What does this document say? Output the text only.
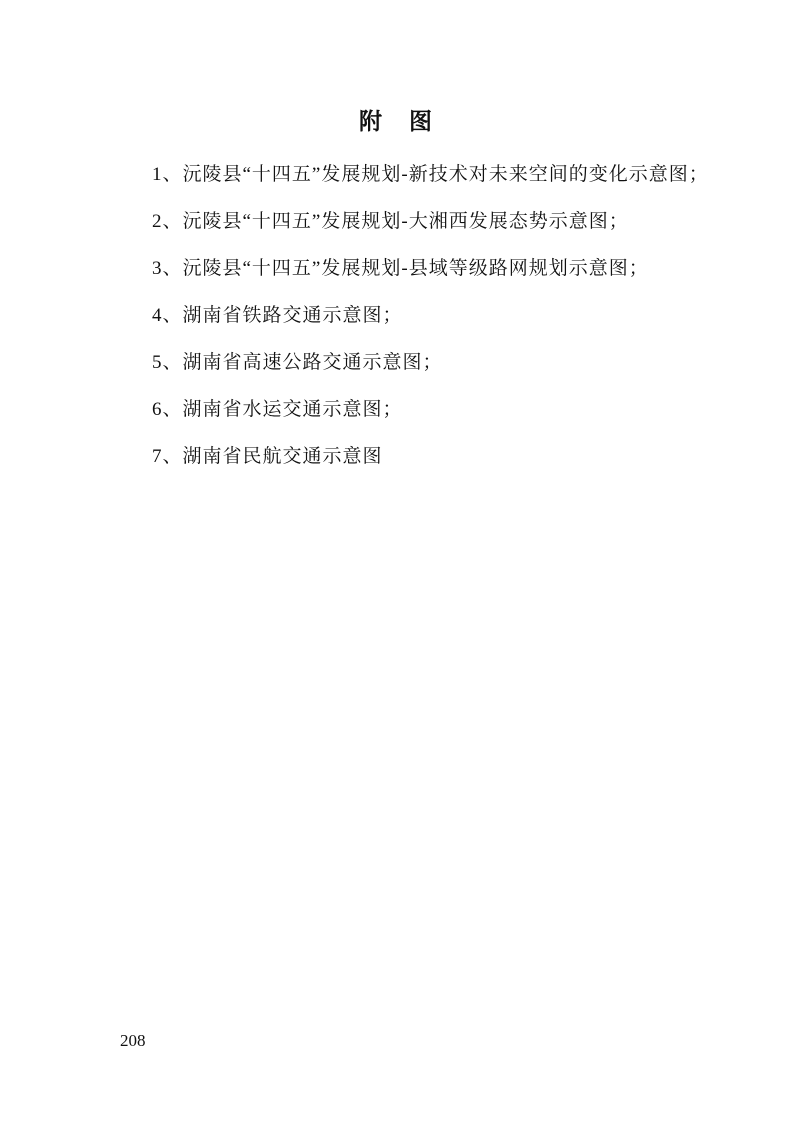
附　图
1、沅陵县“十四五”发展规划-新技术对未来空间的变化示意图；
2、沅陵县“十四五”发展规划-大湘西发展态势示意图；
3、沅陵县“十四五”发展规划-县域等级路网规划示意图；
4、湖南省铁路交通示意图；
5、湖南省高速公路交通示意图；
6、湖南省水运交通示意图；
7、湖南省民航交通示意图
208
